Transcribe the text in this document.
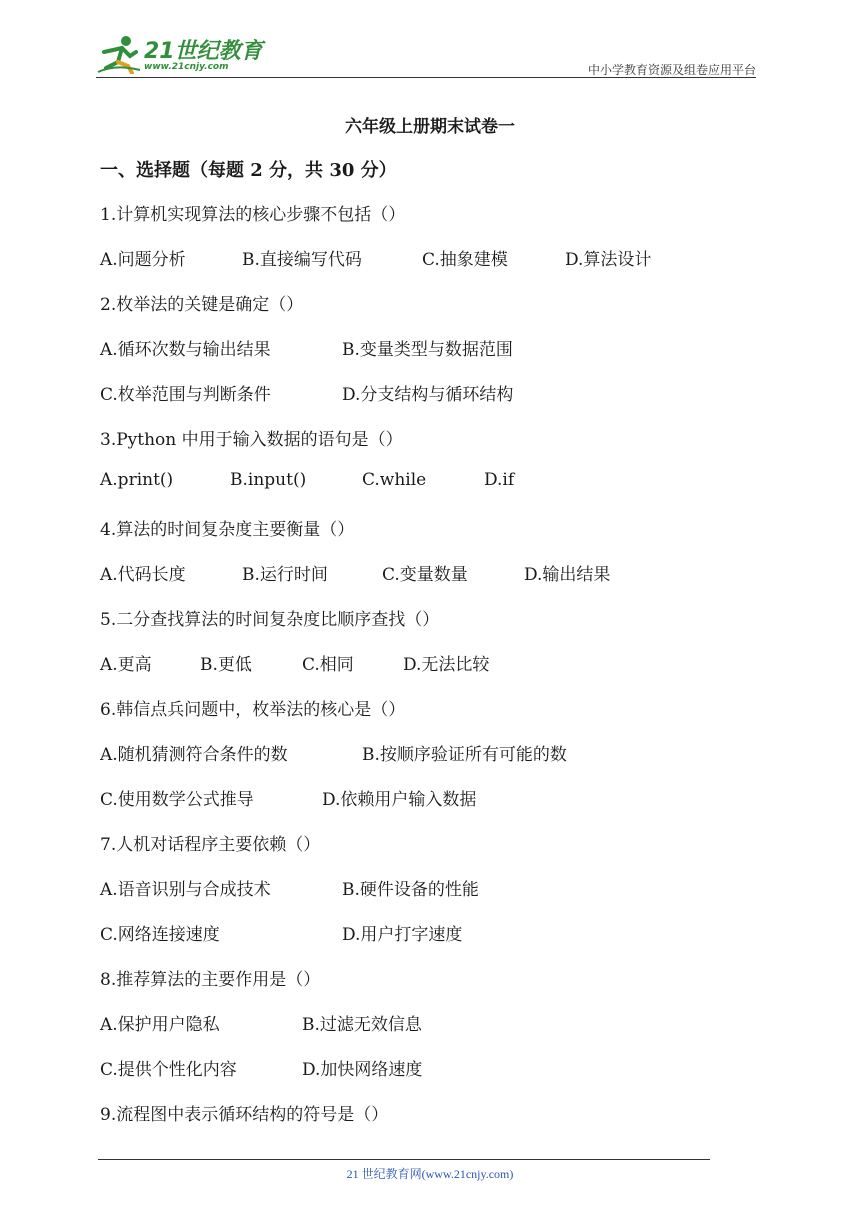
21世纪教育
www.21cnjy.com	中小学教育资源及组卷应用平台
六年级上册期末试卷一
一、选择题（每题 2 分，共 30 分）
1.计算机实现算法的核心步骤不包括（）
A.问题分析	B.直接编写代码	C.抽象建模	D.算法设计
2.枚举法的关键是确定（）
A.循环次数与输出结果	B.变量类型与数据范围
C.枚举范围与判断条件	D.分支结构与循环结构
3.Python 中用于输入数据的语句是（）
A.print()	B.input()	C.while	D.if
4.算法的时间复杂度主要衡量（）
A.代码长度	B.运行时间	C.变量数量	D.输出结果
5.二分查找算法的时间复杂度比顺序查找（）
A.更高	B.更低	C.相同	D.无法比较
6.韩信点兵问题中，枚举法的核心是（）
A.随机猜测符合条件的数	B.按顺序验证所有可能的数
C.使用数学公式推导	D.依赖用户输入数据
7.人机对话程序主要依赖（）
A.语音识别与合成技术	B.硬件设备的性能
C.网络连接速度	D.用户打字速度
8.推荐算法的主要作用是（）
A.保护用户隐私	B.过滤无效信息
C.提供个性化内容	D.加快网络速度
9.流程图中表示循环结构的符号是（）
21 世纪教育网(www.21cnjy.com)
